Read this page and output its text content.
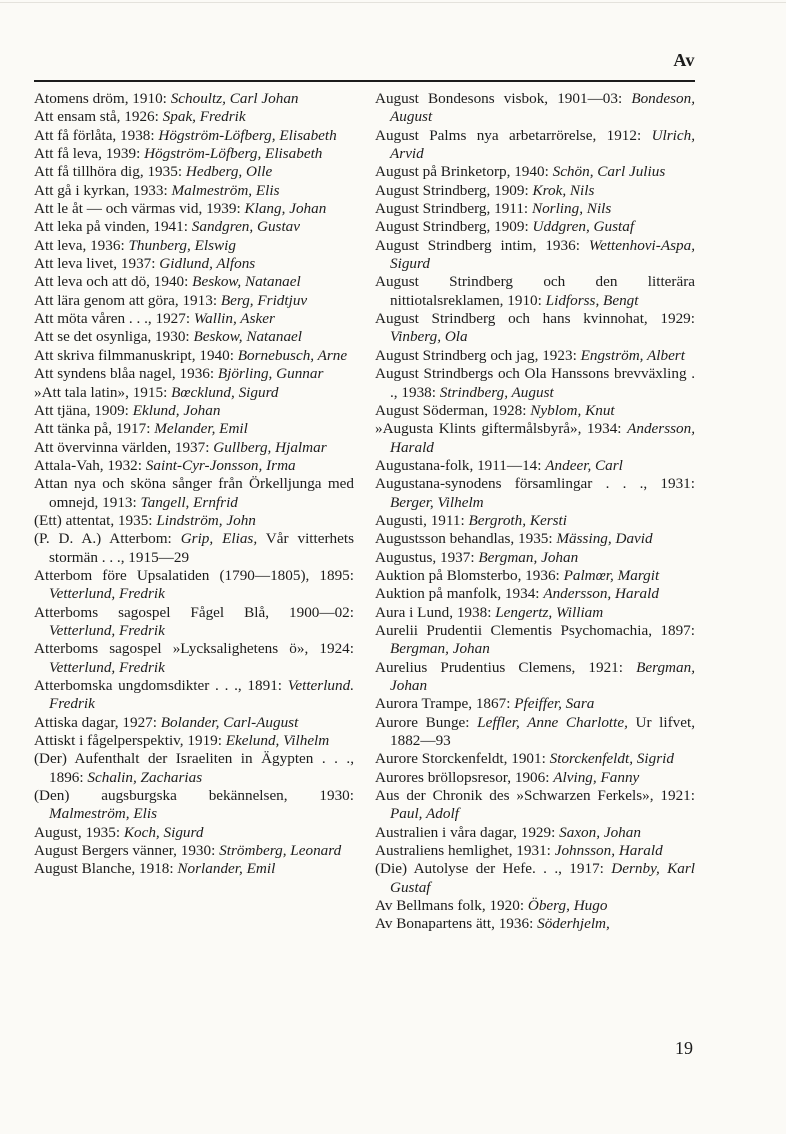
Av
Atomens dröm, 1910: Schoultz, Carl Johan
Att ensam stå, 1926: Spak, Fredrik
Att få förlåta, 1938: Högström-Löfberg, Elisabeth
Att få leva, 1939: Högström-Löfberg, Elisabeth
Att få tillhöra dig, 1935: Hedberg, Olle
Att gå i kyrkan, 1933: Malmeström, Elis
Att le åt — och värmas vid, 1939: Klang, Johan
Att leka på vinden, 1941: Sandgren, Gustav
Att leva, 1936: Thunberg, Elswig
Att leva livet, 1937: Gidlund, Alfons
Att leva och att dö, 1940: Beskow, Natanael
Att lära genom att göra, 1913: Berg, Fridtjuv
Att möta våren . . ., 1927: Wallin, Asker
Att se det osynliga, 1930: Beskow, Natanael
Att skriva filmmanuskript, 1940: Bornebusch, Arne
Att syndens blåa nagel, 1936: Björling, Gunnar
»Att tala latin», 1915: Bœcklund, Sigurd
Att tjäna, 1909: Eklund, Johan
Att tänka på, 1917: Melander, Emil
Att övervinna världen, 1937: Gullberg, Hjalmar
Attala-Vah, 1932: Saint-Cyr-Jonsson, Irma
Attan nya och sköna sånger från Örkelljunga med omnejd, 1913: Tangell, Ernfrid
(Ett) attentat, 1935: Lindström, John
(P. D. A.) Atterbom: Grip, Elias, Vår vitterhets stormän . . ., 1915—29
Atterbom före Upsalatiden (1790—1805), 1895: Vetterlund, Fredrik
Atterboms sagospel Fågel Blå, 1900—02: Vetterlund, Fredrik
Atterboms sagospel »Lycksalighetens ö», 1924: Vetterlund, Fredrik
Atterbomska ungdomsdikter . . ., 1891: Vetterlund. Fredrik
Attiska dagar, 1927: Bolander, Carl-August
Attiskt i fågelperspektiv, 1919: Ekelund, Vilhelm
(Der) Aufenthalt der Israeliten in Ägypten . . ., 1896: Schalin, Zacharias
(Den) augsburgska bekännelsen, 1930: Malmeström, Elis
August, 1935: Koch, Sigurd
August Bergers vänner, 1930: Strömberg, Leonard
August Blanche, 1918: Norlander, Emil
August Bondesons visbok, 1901—03: Bondeson, August
August Palms nya arbetarrörelse, 1912: Ulrich, Arvid
August på Brinketorp, 1940: Schön, Carl Julius
August Strindberg, 1909: Krok, Nils
August Strindberg, 1911: Norling, Nils
August Strindberg, 1909: Uddgren, Gustaf
August Strindberg intim, 1936: Wettenhovi-Aspa, Sigurd
August Strindberg och den litterära nittiotalsreklamen, 1910: Lidforss, Bengt
August Strindberg och hans kvinnohat, 1929: Vinberg, Ola
August Strindberg och jag, 1923: Engström, Albert
August Strindbergs och Ola Hanssons brevväxling . ., 1938: Strindberg, August
August Söderman, 1928: Nyblom, Knut
»Augusta Klints giftermålsbyrå», 1934: Andersson, Harald
Augustana-folk, 1911—14: Andeer, Carl
Augustana-synodens församlingar . . ., 1931: Berger, Vilhelm
Augusti, 1911: Bergroth, Kersti
Augustsson behandlas, 1935: Mässing, David
Augustus, 1937: Bergman, Johan
Auktion på Blomsterbo, 1936: Palmœr, Margit
Auktion på manfolk, 1934: Andersson, Harald
Aura i Lund, 1938: Lengertz, William
Aurelii Prudentii Clementis Psychomachia, 1897: Bergman, Johan
Aurelius Prudentius Clemens, 1921: Bergman, Johan
Aurora Trampe, 1867: Pfeiffer, Sara
Aurore Bunge: Leffler, Anne Charlotte, Ur lifvet, 1882—93
Aurore Storckenfeldt, 1901: Storckenfeldt, Sigrid
Aurores bröllopsresor, 1906: Alving, Fanny
Aus der Chronik des »Schwarzen Ferkels», 1921: Paul, Adolf
Australien i våra dagar, 1929: Saxon, Johan
Australiens hemlighet, 1931: Johnsson, Harald
(Die) Autolyse der Hefe. . ., 1917: Dernby, Karl Gustaf
Av Bellmans folk, 1920: Öberg, Hugo
Av Bonapartens ätt, 1936: Söderhjelm,
19
